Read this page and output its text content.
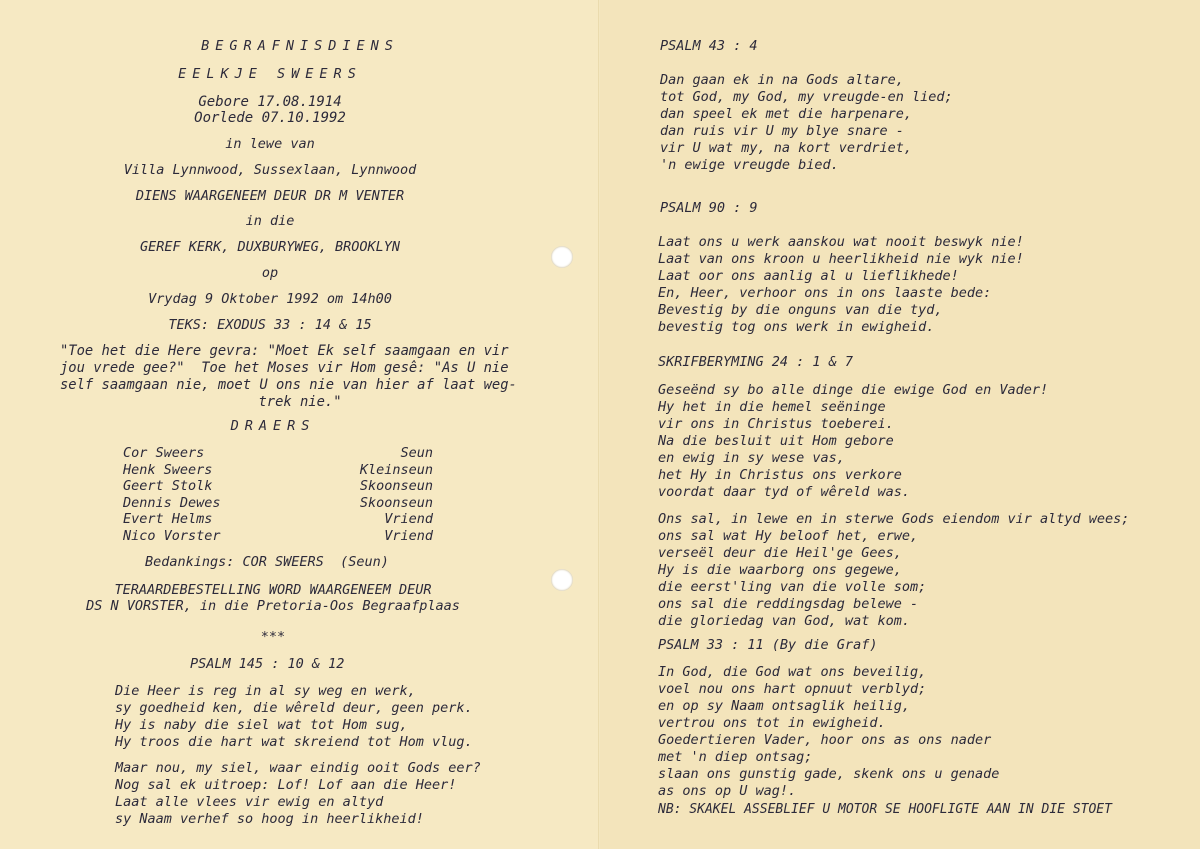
BEGRAFNISDIENS

EELKJE SWEERS

Gebore 17.08.1914

Oorlede 07.10.1992

in lewe van

Villa Lynnwood, Sussexlaan, Lynnwood

DIENS WAARGENEEM DEUR DR M VENTER

in die

GEREF KERK, DUXBURYWEG, BROOKLYN

op

Vrydag 9 Oktober 1992 om 14h00

TEKS: EXODUS 33 : 14 & 15

"Toe het die Here gevra: "Moet Ek self saamgaan en vir
jou vrede gee?"  Toe het Moses vir Hom gesê: "As U nie
self saamgaan nie, moet U ons nie van hier af laat weg-
trek nie."

DRAERS

Cor Sweers	Seun
Henk Sweers	Kleinseun
Geert Stolk	Skoonseun
Dennis Dewes	Skoonseun
Evert Helms	Vriend
Nico Vorster	Vriend

Bedankings: COR SWEERS  (Seun)

TERAARDEBESTELLING WORD WAARGENEEM DEUR

DS N VORSTER, in die Pretoria-Oos Begraafplaas

***

PSALM 145 : 10 & 12

Die Heer is reg in al sy weg en werk,
sy goedheid ken, die wêreld deur, geen perk.
Hy is naby die siel wat tot Hom sug,
Hy troos die hart wat skreiend tot Hom vlug.
Maar nou, my siel, waar eindig ooit Gods eer?
Nog sal ek uitroep: Lof! Lof aan die Heer!
Laat alle vlees vir ewig en altyd
sy Naam verhef so hoog in heerlikheid!

PSALM 43 : 4

Dan gaan ek in na Gods altare,
tot God, my God, my vreugde-en lied;
dan speel ek met die harpenare,
dan ruis vir U my blye snare -
vir U wat my, na kort verdriet,
'n ewige vreugde bied.

PSALM 90 : 9

Laat ons u werk aanskou wat nooit beswyk nie!
Laat van ons kroon u heerlikheid nie wyk nie!
Laat oor ons aanlig al u lieflikhede!
En, Heer, verhoor ons in ons laaste bede:
Bevestig by die onguns van die tyd,
bevestig tog ons werk in ewigheid.

SKRIFBERYMING 24 : 1 & 7

Geseënd sy bo alle dinge die ewige God en Vader!
Hy het in die hemel seëninge
vir ons in Christus toeberei.
Na die besluit uit Hom gebore
en ewig in sy wese vas,
het Hy in Christus ons verkore
voordat daar tyd of wêreld was.
Ons sal, in lewe en in sterwe Gods eiendom vir altyd wees;
ons sal wat Hy beloof het, erwe,
verseël deur die Heil'ge Gees,
Hy is die waarborg ons gegewe,
die eerst'ling van die volle som;
ons sal die reddingsdag belewe -
die gloriedag van God, wat kom.

PSALM 33 : 11 (By die Graf)

In God, die God wat ons beveilig,
voel nou ons hart opnuut verblyd;
en op sy Naam ontsaglik heilig,
vertrou ons tot in ewigheid.
Goedertieren Vader, hoor ons as ons nader
met 'n diep ontsag;
slaan ons gunstig gade, skenk ons u genade
as ons op U wag!.

NB: SKAKEL ASSEBLIEF U MOTOR SE HOOFLIGTE AAN IN DIE STOET
